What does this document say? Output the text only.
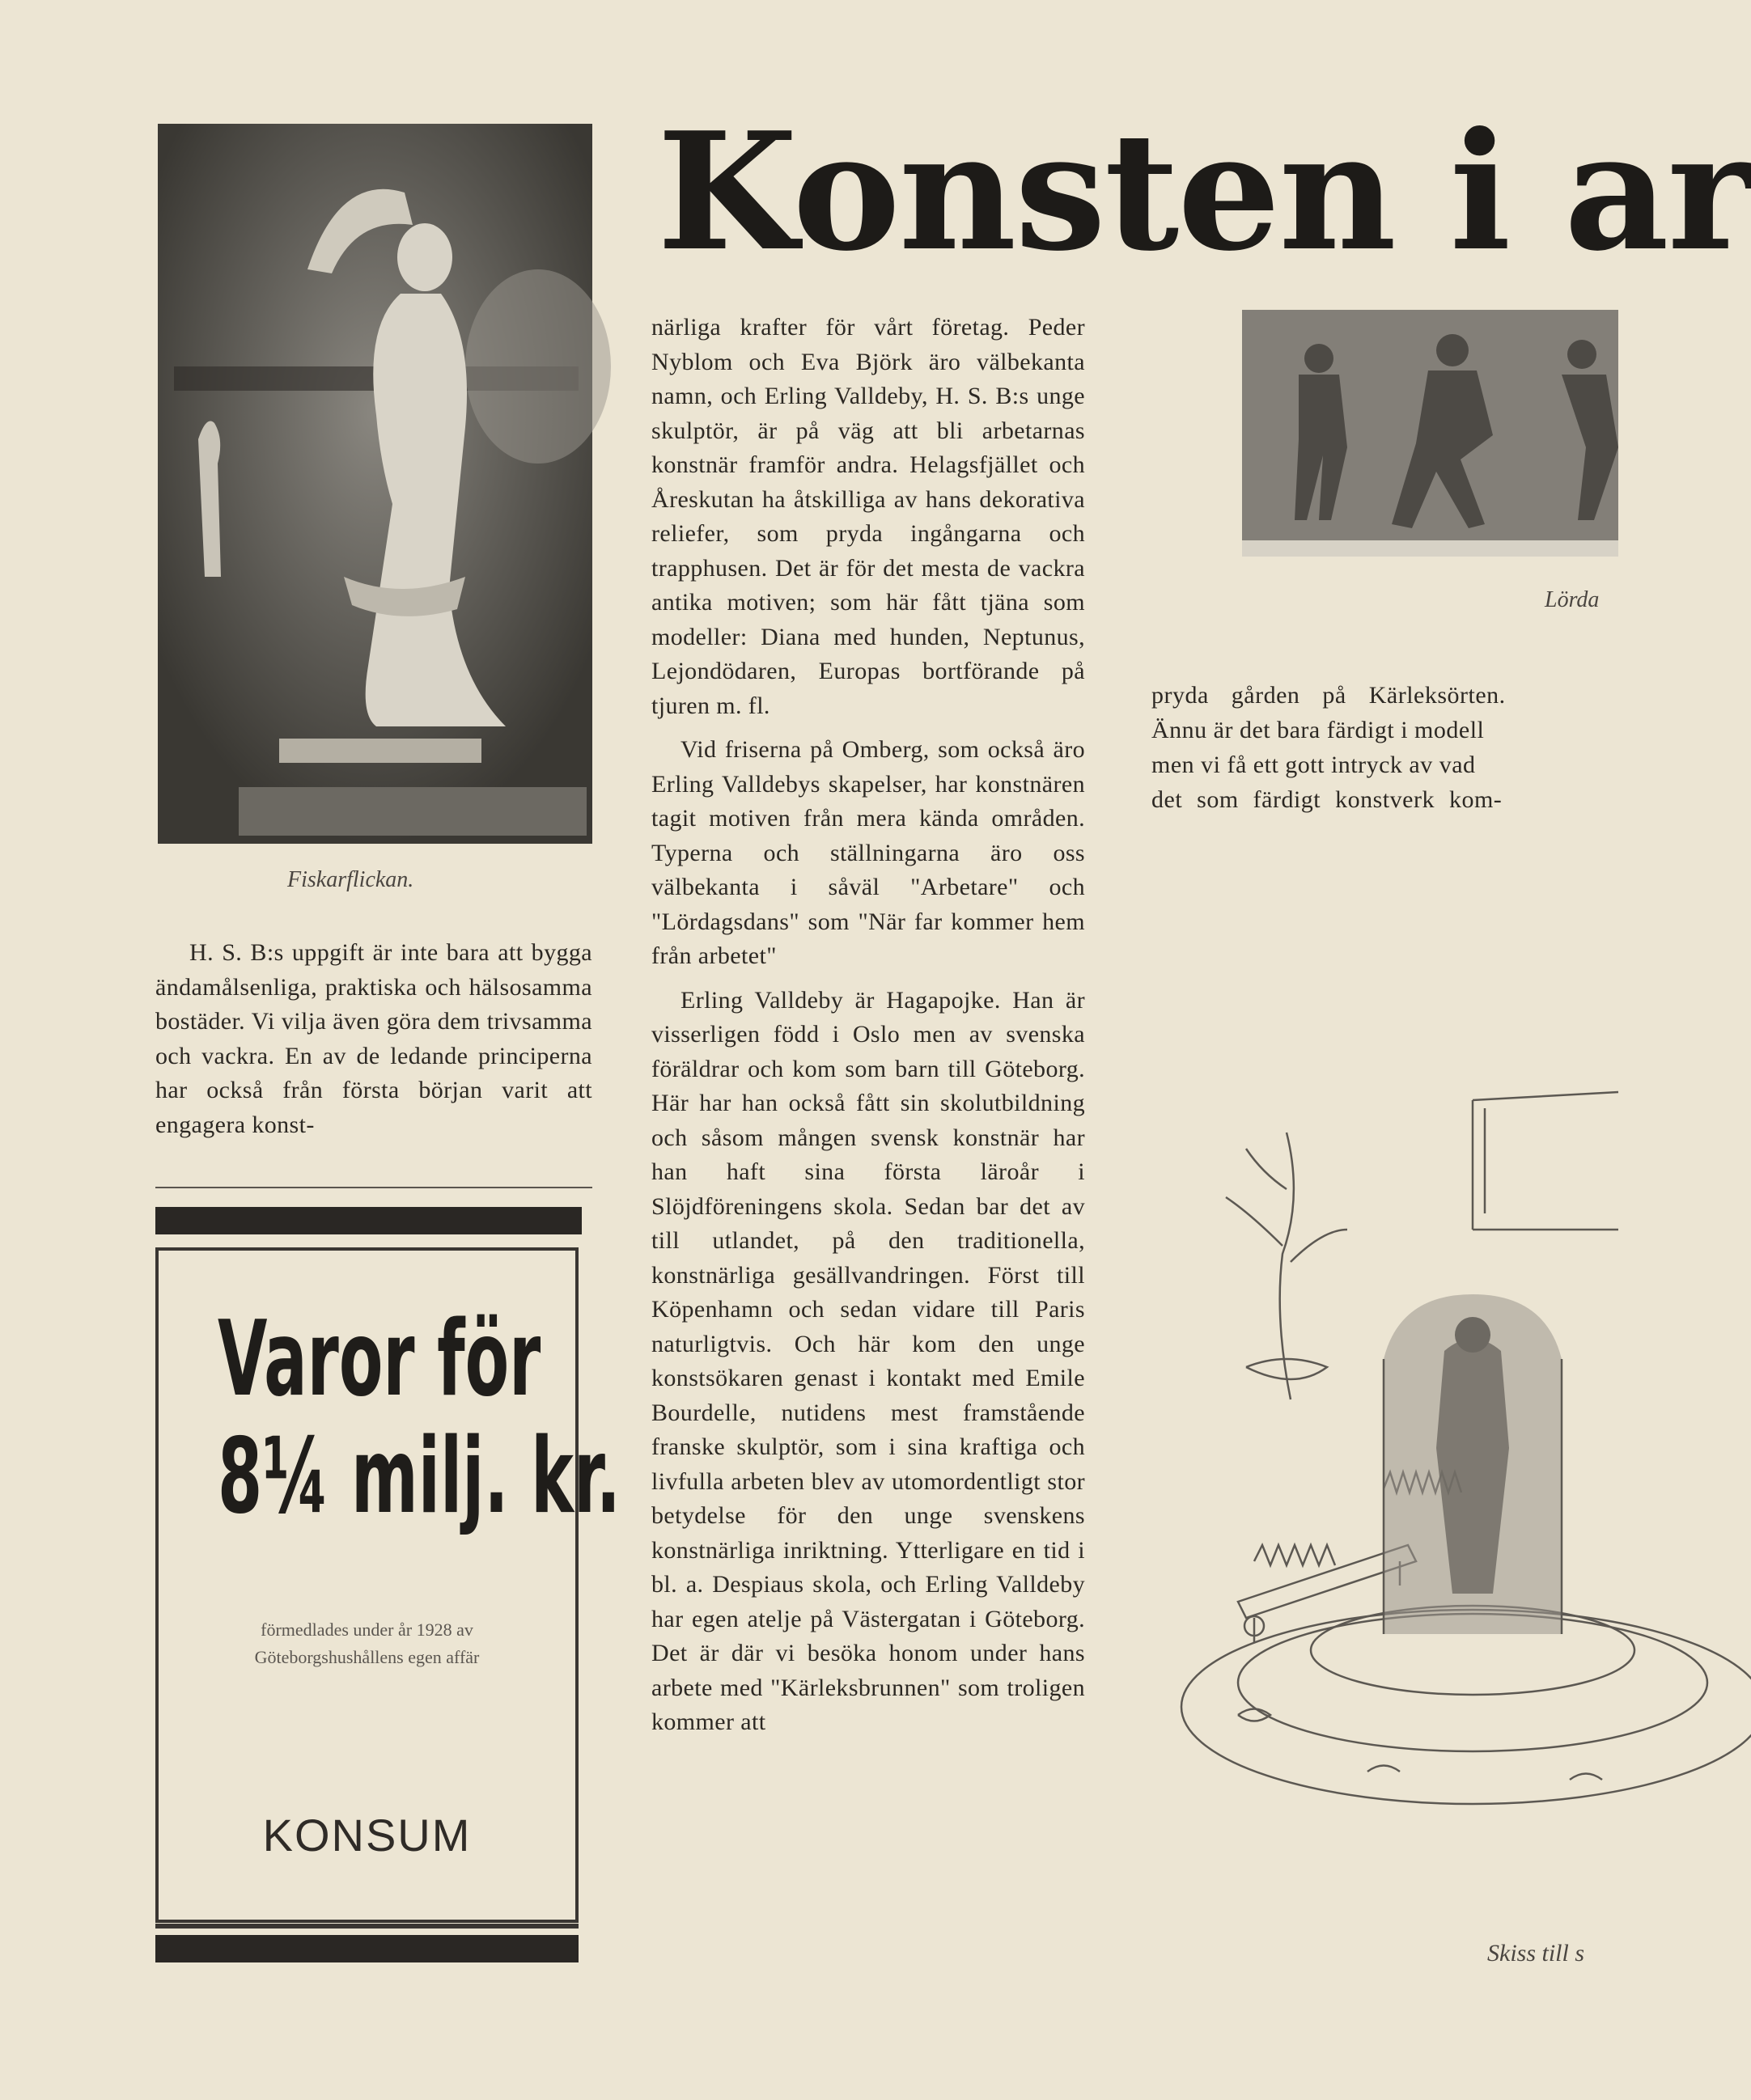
Konsten i ar
Fiskarflickan.

H. S. B:s uppgift är inte bara att bygga ändamålsenliga, praktiska och hälsosamma bostäder. Vi vilja även göra dem trivsamma och vackra. En av de ledande principerna har också från första början varit att engagera konst-

Varor för
8¼ milj. kr.
förmedlades under år 1928 av
Göteborgshushållens egen affär
KONSUM

närliga krafter för vårt företag. Peder Nyblom och Eva Björk äro välbekanta namn, och Erling Valldeby, H. S. B:s unge skulptör, är på väg att bli arbetarnas konstnär framför andra. Helagsfjället och Åreskutan ha åtskilliga av hans dekorativa reliefer, som pryda ingångarna och trapphusen. Det är för det mesta de vackra antika motiven; som här fått tjäna som modeller: Diana med hunden, Neptunus, Lejondödaren, Europas bortförande på tjuren m. fl.

Vid friserna på Omberg, som också äro Erling Valldebys skapelser, har konstnären tagit motiven från mera kända områden. Typerna och ställningarna äro oss välbekanta i såväl "Arbetare" och "Lördagsdans" som "När far kommer hem från arbetet"

Erling Valldeby är Hagapojke. Han är visserligen född i Oslo men av svenska föräldrar och kom som barn till Göteborg. Här har han också fått sin skolutbildning och såsom mången svensk konstnär har han haft sina första läroår i Slöjdföreningens skola. Sedan bar det av till utlandet, på den traditionella, konstnärliga gesällvandringen. Först till Köpenhamn och sedan vidare till Paris naturligtvis. Och här kom den unge konstsökaren genast i kontakt med Emile Bourdelle, nutidens mest framstående franske skulptör, som i sina kraftiga och livfulla arbeten blev av utomordentligt stor betydelse för den unge svenskens konstnärliga inriktning. Ytterligare en tid i bl. a. Despiaus skola, och Erling Valldeby har egen atelje på Västergatan i Göteborg. Det är där vi besöka honom under hans arbete med "Kärleksbrunnen" som troligen kommer att

Lörda
pryda gården på Kärleksörten.
Ännu är det bara färdigt i modell
men vi få ett gott intryck av vad
det som färdigt konstverk kom-
Skiss till s
